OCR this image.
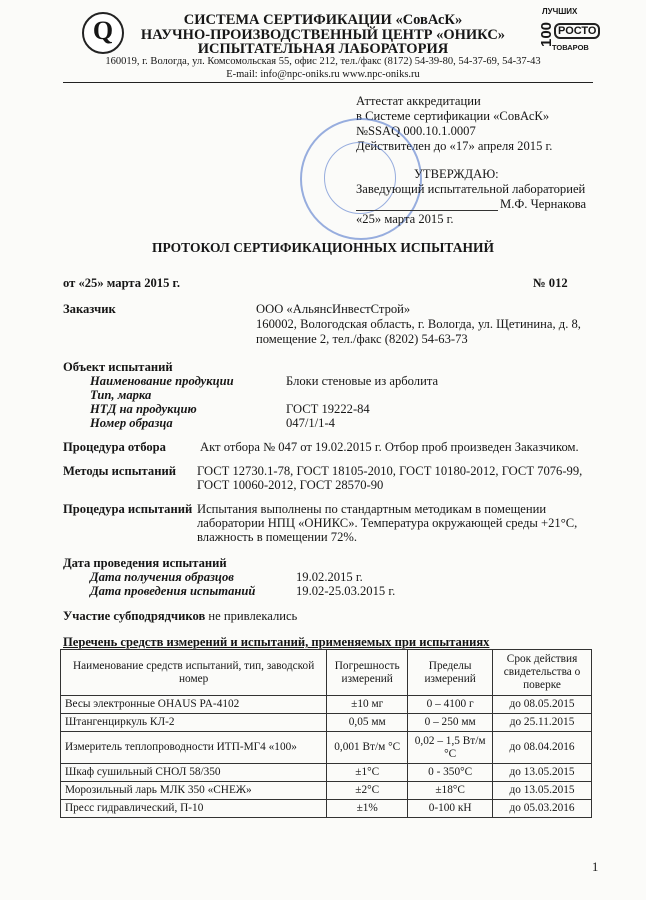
Q
ЛУЧШИХ
100 РОСТО
ТОВАРОВ
СИСТЕМА СЕРТИФИКАЦИИ «СовАсК»
НАУЧНО-ПРОИЗВОДСТВЕННЫЙ ЦЕНТР «ОНИКС»
ИСПЫТАТЕЛЬНАЯ ЛАБОРАТОРИЯ
160019, г. Вологда, ул. Комсомольская 55, офис 212, тел./факс (8172) 54-39-80, 54-37-69, 54-37-43
E-mail: info@npc-oniks.ru www.npc-oniks.ru
Аттестат аккредитации
в Системе сертификации «СовАсК»
№SSAQ 000.10.1.0007
Действителен до «17» апреля 2015 г.
УТВЕРЖДАЮ:
Заведующий испытательной лабораторией
М.Ф. Чернакова
«25» марта 2015 г.
ПРОТОКОЛ СЕРТИФИКАЦИОННЫХ ИСПЫТАНИЙ
от «25» марта 2015 г.	№ 012
Заказчик	ООО «АльянсИнвестСтрой»
160002, Вологодская область, г. Вологда, ул. Щетинина, д. 8,
помещение 2, тел./факс (8202) 54-63-73
Объект испытаний
Наименование продукции	Блоки стеновые из арболита
Тип, марка
НТД на продукцию	ГОСТ 19222-84
Номер образца	047/1/1-4
Процедура отбора	Акт отбора № 047 от 19.02.2015 г. Отбор проб произведен Заказчиком.
Методы испытаний ГОСТ 12730.1-78, ГОСТ 18105-2010, ГОСТ 10180-2012, ГОСТ 7076-99,
ГОСТ 10060-2012, ГОСТ 28570-90
Процедура испытаний Испытания выполнены по стандартным методикам в помещении
лаборатории НПЦ «ОНИКС». Температура окружающей среды +21°С,
влажность в помещении 72%.
Дата проведения испытаний
Дата получения образцов	19.02.2015 г.
Дата проведения испытаний	19.02-25.03.2015 г.
Участие субподрядчиков не привлекались
Перечень средств измерений и испытаний, применяемых при испытаниях
Наименование средств испытаний, тип, заводской номер	Погрешность измерений	Пределы измерений	Срок действия свидетельства о поверке
Весы электронные OHAUS PA-4102	±10 мг	0 – 4100 г	до 08.05.2015
Штангенциркуль КЛ-2	0,05 мм	0 – 250 мм	до 25.11.2015
Измеритель теплопроводности ИТП-МГ4 «100»	0,001 Вт/м °С	0,02 – 1,5 Вт/м °С	до 08.04.2016
Шкаф сушильный СНОЛ 58/350	±1°С	0 - 350°С	до 13.05.2015
Морозильный ларь МЛК 350 «СНЕЖ»	±2°С	±18°С	до 13.05.2015
Пресс гидравлический, П-10	±1%	0-100 кН	до 05.03.2016
1
